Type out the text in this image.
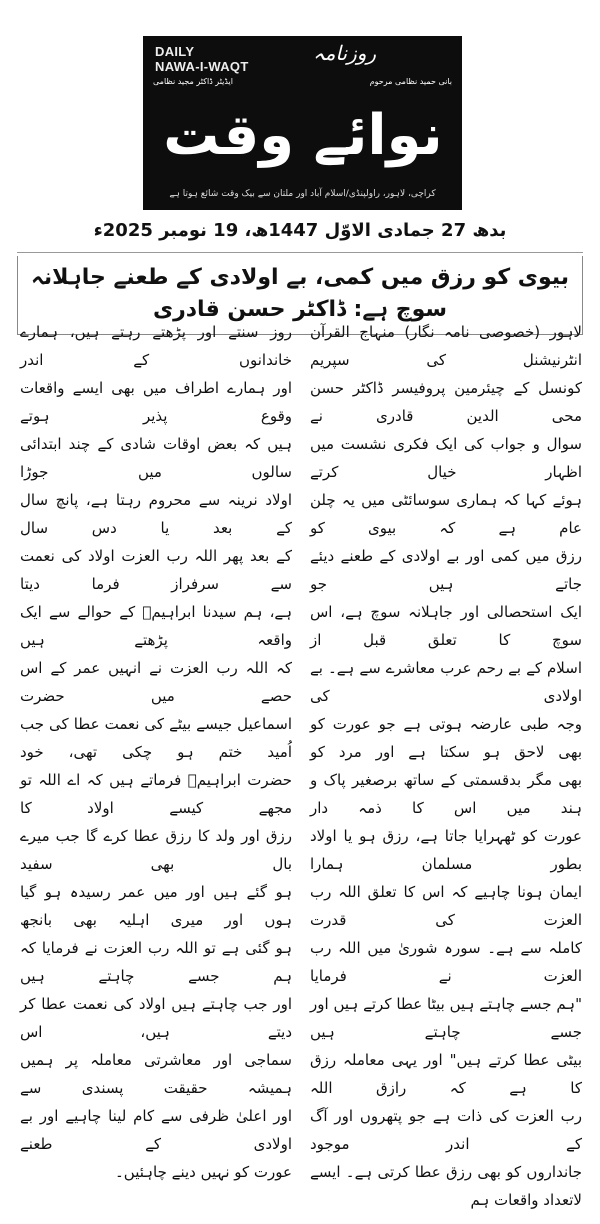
DAILY
NAWA-I-WAQT
روزنامہ
بانی حمید نظامی مرحوم
ایڈیٹر ڈاکٹر مجید نظامی
نوائے وقت
کراچی، لاہور، راولپنڈی/اسلام آباد اور ملتان سے بیک وقت شائع ہوتا ہے
بدھ 27 جمادی الاوّل 1447ھ، 19 نومبر 2025ء
بیوی کو رزق میں کمی، بے اولادی کے طعنے جاہلانہ سوچ ہے: ڈاکٹر حسن قادری
لاہور (خصوصی نامہ نگار) منہاج القرآن انٹرنیشنل کی سپریم
کونسل کے چیئرمین پروفیسر ڈاکٹر حسن محی الدین قادری نے
سوال و جواب کی ایک فکری نشست میں اظہار خیال کرتے
ہوئے کہا کہ ہماری سوسائٹی میں یہ چلن عام ہے کہ بیوی کو
رزق میں کمی اور بے اولادی کے طعنے دیئے جاتے ہیں جو
ایک استحصالی اور جاہلانہ سوچ ہے، اس سوچ کا تعلق قبل از
اسلام کے بے رحم عرب معاشرے سے ہے۔ بے اولادی کی
وجہ طبی عارضہ ہوتی ہے جو عورت کو بھی لاحق ہو سکتا ہے اور مرد کو
بھی مگر بدقسمتی کے ساتھ برصغیر پاک و ہند میں اس کا ذمہ دار
عورت کو ٹھہرایا جاتا ہے، رزق ہو یا اولاد بطور مسلمان ہمارا
ایمان ہونا چاہیے کہ اس کا تعلق اللہ رب العزت کی قدرت
کاملہ سے ہے۔ سورہ شوریٰ میں اللہ رب العزت نے فرمایا
"ہم جسے چاہتے ہیں بیٹا عطا کرتے ہیں اور جسے چاہتے ہیں
بیٹی عطا کرتے ہیں" اور یہی معاملہ رزق کا ہے کہ رازق اللہ
رب العزت کی ذات ہے جو پتھروں اور آگ کے اندر موجود
جانداروں کو بھی رزق عطا کرتی ہے۔ ایسے لاتعداد واقعات ہم
روز سنتے اور پڑھتے رہتے ہیں، ہمارے خاندانوں کے اندر
اور ہمارے اطراف میں بھی ایسے واقعات وقوع پذیر ہوتے
ہیں کہ بعض اوقات شادی کے چند ابتدائی سالوں میں جوڑا
اولاد نرینہ سے محروم رہتا ہے، پانچ سال کے بعد یا دس سال
کے بعد پھر اللہ رب العزت اولاد کی نعمت سے سرفراز فرما دیتا
ہے، ہم سیدنا ابراہیمؑ کے حوالے سے ایک واقعہ پڑھتے ہیں
کہ اللہ رب العزت نے انہیں عمر کے اس حصے میں حضرت
اسماعیل جیسے بیٹے کی نعمت عطا کی جب اُمید ختم ہو چکی تھی، خود
حضرت ابراہیمؑ فرماتے ہیں کہ اے اللہ تو مجھے کیسے اولاد کا
رزق اور ولد کا رزق عطا کرے گا جب میرے بال بھی سفید
ہو گئے ہیں اور میں عمر رسیدہ ہو گیا ہوں اور میری اہلیہ بھی بانجھ
ہو گئی ہے تو اللہ رب العزت نے فرمایا کہ ہم جسے چاہتے ہیں
اور جب چاہتے ہیں اولاد کی نعمت عطا کر دیتے ہیں، اس
سماجی اور معاشرتی معاملہ پر ہمیں ہمیشہ حقیقت پسندی سے
اور اعلیٰ ظرفی سے کام لینا چاہیے اور بے اولادی کے طعنے
عورت کو نہیں دینے چاہئیں۔
